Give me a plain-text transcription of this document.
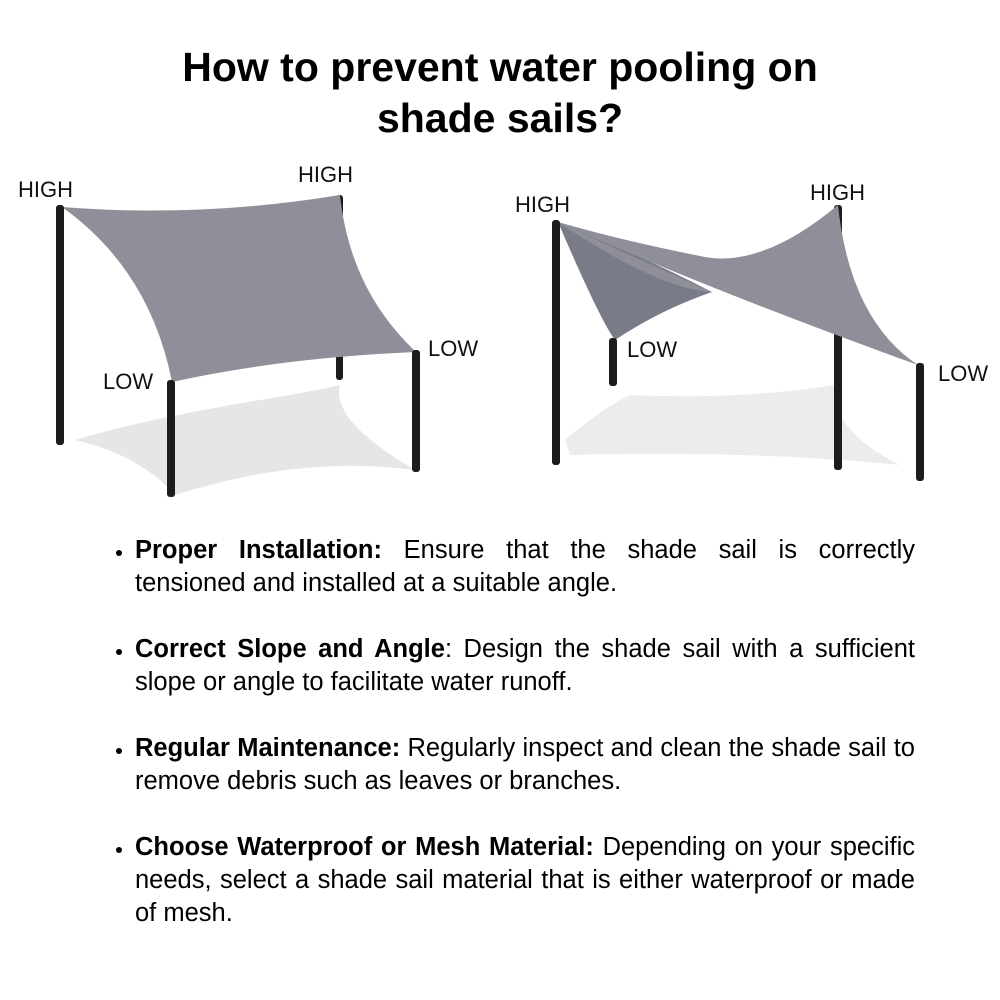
How to prevent water pooling on
shade sails?
HIGH
HIGH
LOW
LOW
HIGH	HIGH
LOW
LOW
Proper Installation: Ensure that the shade sail is correctly tensioned and installed at a suitable angle.
Correct Slope and Angle: Design the shade sail with a sufficient slope or angle to facilitate water runoff.
Regular Maintenance: Regularly inspect and clean the shade sail to remove debris such as leaves or branches.
Choose Waterproof or Mesh Material: Depending on your specific needs, select a shade sail material that is either waterproof or made of mesh.
